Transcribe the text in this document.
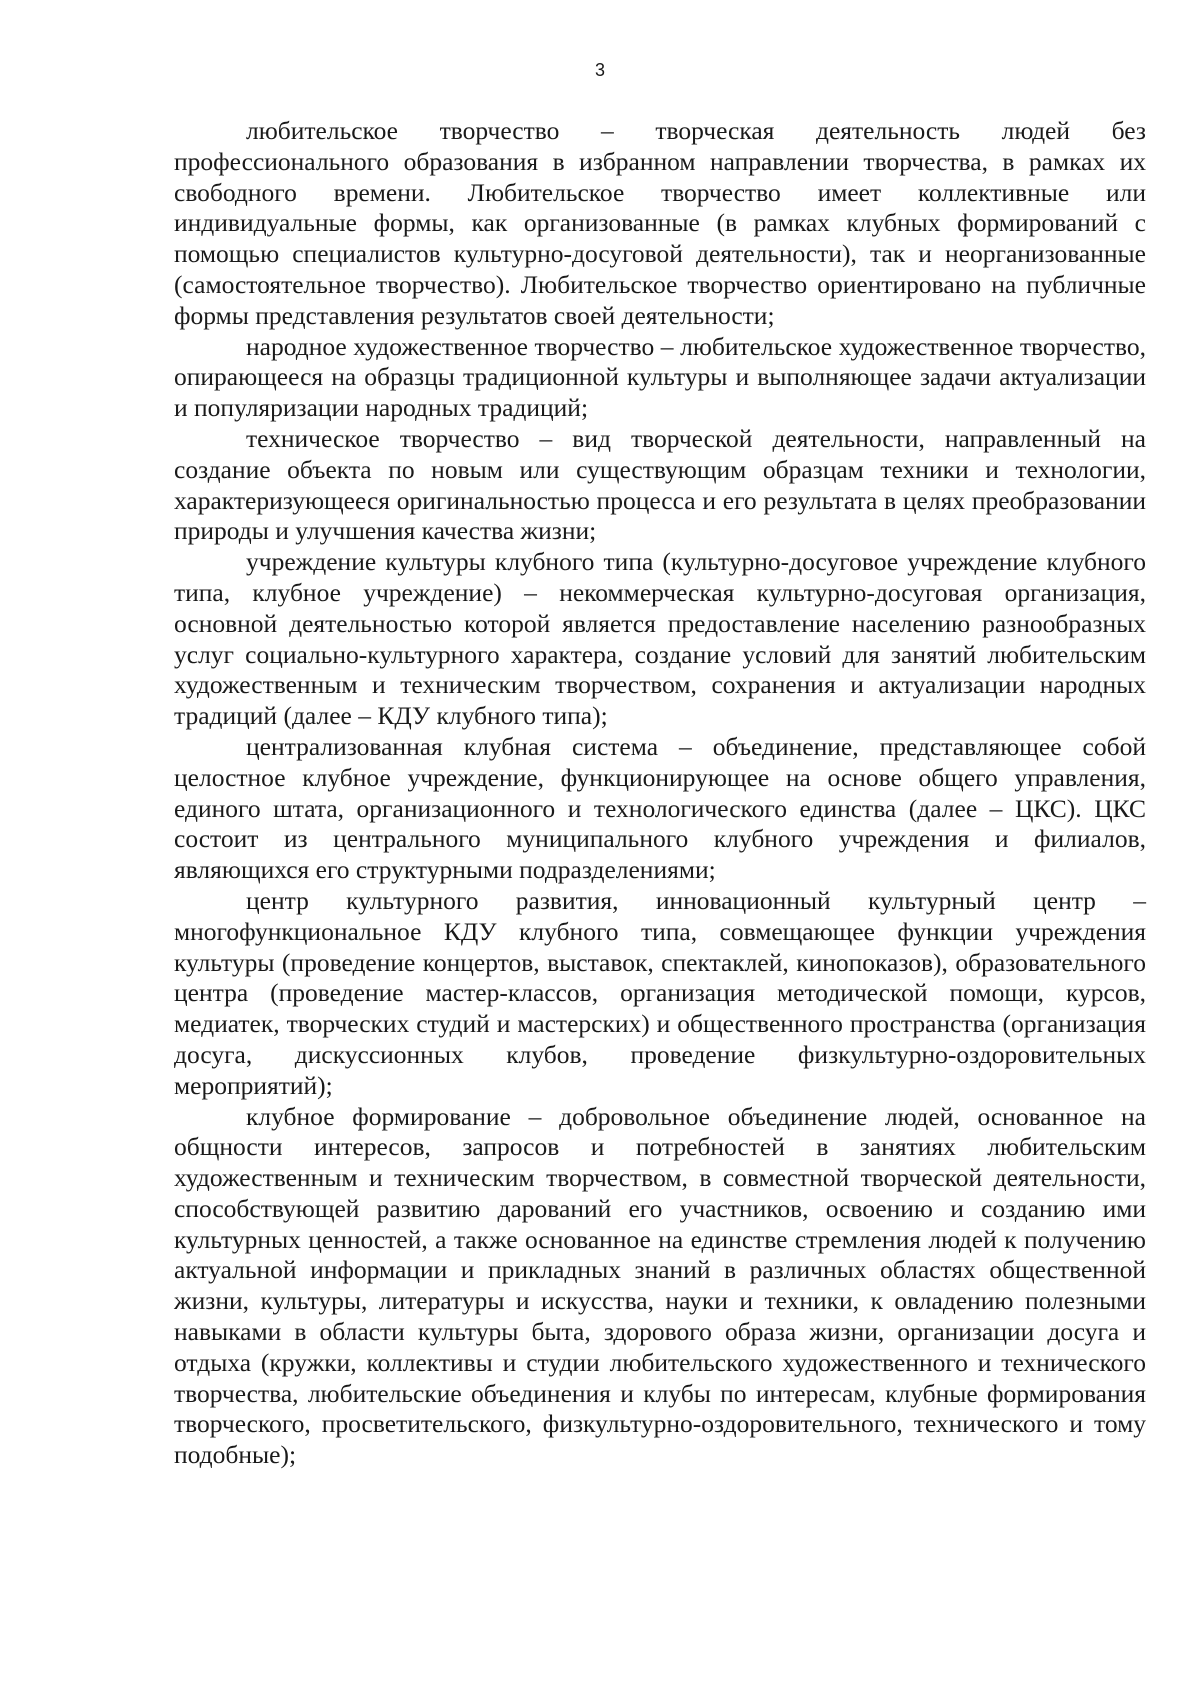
3

любительское творчество – творческая деятельность людей без профессионального образования в избранном направлении творчества, в рамках их свободного времени. Любительское творчество имеет коллективные или индивидуальные формы, как организованные (в рамках клубных формирований с помощью специалистов культурно-досуговой деятельности), так и неорганизованные (самостоятельное творчество). Любительское творчество ориентировано на публичные формы представления результатов своей деятельности;

народное художественное творчество – любительское художественное творчество, опирающееся на образцы традиционной культуры и выполняющее задачи актуализации и популяризации народных традиций;

техническое творчество – вид творческой деятельности, направленный на создание объекта по новым или существующим образцам техники и технологии, характеризующееся оригинальностью процесса и его результата в целях преобразовании природы и улучшения качества жизни;

учреждение культуры клубного типа (культурно-досуговое учреждение клубного типа, клубное учреждение) – некоммерческая культурно-досуговая организация, основной деятельностью которой является предоставление населению разнообразных услуг социально-культурного характера, создание условий для занятий любительским художественным и техническим творчеством, сохранения и актуализации народных традиций (далее – КДУ клубного типа);

централизованная клубная система – объединение, представляющее собой целостное клубное учреждение, функционирующее на основе общего управления, единого штата, организационного и технологического единства (далее – ЦКС). ЦКС состоит из центрального муниципального клубного учреждения и филиалов, являющихся его структурными подразделениями;

центр культурного развития, инновационный культурный центр – многофункциональное КДУ клубного типа, совмещающее функции учреждения культуры (проведение концертов, выставок, спектаклей, кинопоказов), образовательного центра (проведение мастер-классов, организация методической помощи, курсов, медиатек, творческих студий и мастерских) и общественного пространства (организация досуга, дискуссионных клубов, проведение физкультурно-оздоровительных мероприятий);

клубное формирование – добровольное объединение людей, основанное на общности интересов, запросов и потребностей в занятиях любительским художественным и техническим творчеством, в совместной творческой деятельности, способствующей развитию дарований его участников, освоению и созданию ими культурных ценностей, а также основанное на единстве стремления людей к получению актуальной информации и прикладных знаний в различных областях общественной жизни, культуры, литературы и искусства, науки и техники, к овладению полезными навыками в области культуры быта, здорового образа жизни, организации досуга и отдыха (кружки, коллективы и студии любительского художественного и технического творчества, любительские объединения и клубы по интересам, клубные формирования творческого, просветительского, физкультурно-оздоровительного, технического и тому подобные);
